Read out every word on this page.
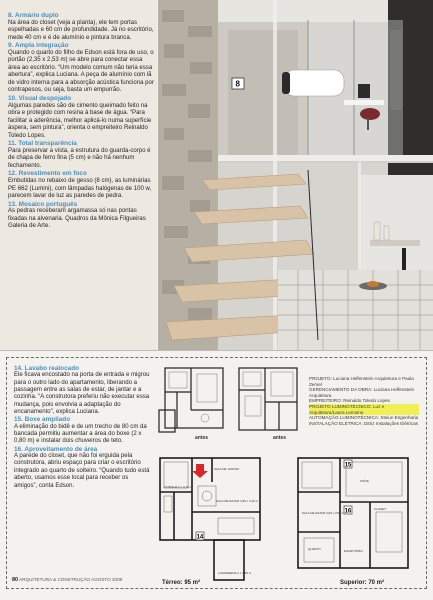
8. Armário duplo

Na área do closet (veja a planta), ele tem portas espelhadas e 60 cm de profundidade. Já no escritório, mede 40 cm e é de alumínio e pintura branca.

9. Ampla integração

Quando o quarto do filho de Edson está fora de uso, o portão (2,35 x 2,53 m) se abre para conectar essa área ao escritório. “Um modelo comum não teria essa abertura”, explica Luciana. A peça de alumínio com lã de vidro interna para a absorção acústica funciona por contrapesos, ou seja, basta um empurrão.

10. Visual despojado

Algumas paredes são de cimento queimado feito na obra e protegido com resina à base de água. “Para facilitar a aderência, melhor aplicá-lo numa superfície áspera, sem pintura”, orienta o empreiteiro Reinaldo Toledo Lopes.

11. Total transparência

Para preservar a vista, a estrutura do guarda-corpo é de chapa de ferro fina (5 cm) e não há nenhum fechamento.

12. Revestimento em foco

Embutidas no rebaixo de gesso (8 cm), as luminárias PE 662 (Lumini), com lâmpadas halógenas de 100 w, parecem lavar de luz as paredes de pedra.

13. Mosaico português

As pedras receberam argamassa só nas pontas fixadas na alvenaria. Quadros da Mônica Filgueiras Galeria de Arte.

8
14. Lavabo realocado

Ele ficava encostado na porta de entrada e migrou para o outro lado do apartamento, liberando a passagem entre as salas de estar, de jantar e a cozinha. “A construtora preferiu não executar essa mudança, pois envolvia a adaptação do encanamento”, explica Luciana.

15. Boxe ampliado

A eliminação do bidê e de um trecho de 80 cm da bancada permitiu aumentar a área do boxe (2 x 0,80 m) e instalar dois chuveiros de teto.

16. Aproveitamento de área

A parede do closet, que não foi erguida pela construtora, abriu espaço para criar o escritório integrado ao quarto de solteiro. “Quando tudo está aberto, usamos esse local para receber os amigos”, conta Edson.

antes	antes
PROJETO: Luciana Helfenstein Arquitetura e Paula Zemel
GERENCIAMENTO DA OBRA: Luciana Helfenstein Arquitetura
EMPREITEIRO: Reinaldo Toledo Lopes
PROJETO LUMINOTÉCNICO: Luz e Arquitetura/Laura Lemoine
AUTOMAÇÃO LUMINOTÉCNICA: Steiun Engenharia INSTALAÇÃO ELÉTRICA: Ditriz Instalações Elétricas
COZINHA 2 x 3,10 m
SALA DE JANTAR
SALA DE ESTAR 4,95 x 3,15 m
LAVANDERIA 2 x 3,45 m
14
Térreo: 95 m²
15
16
SALA DE ESTAR 3,60 x 3,55 m
CLOSET
SUÍTE
QUARTO	ESCRITÓRIO
Superior: 70 m²
80 ARQUITETURA & CONSTRUÇÃO AGOSTO 2009
